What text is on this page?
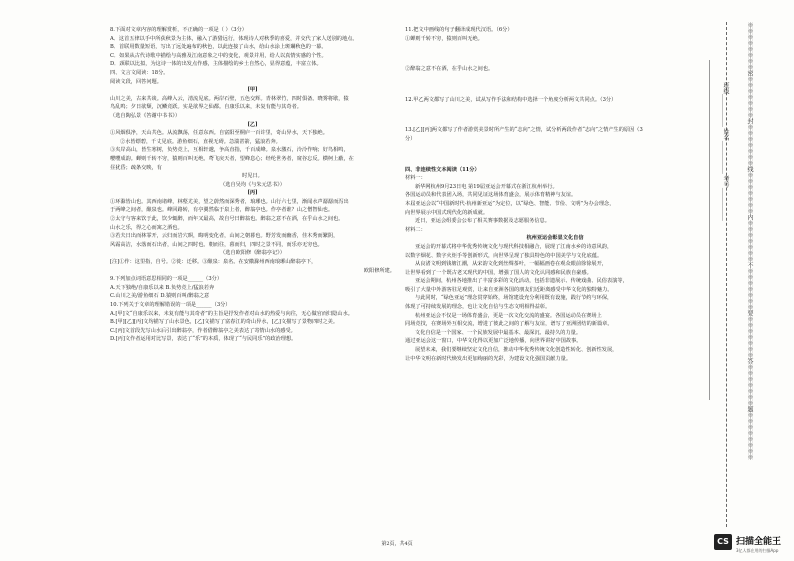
8.下面对文章内容的理解赏析，不正确的一项是（ ）（3分）
A．这首五律以手中所获秋景为主体，融入了游猎远行，体现诗人对秋季的喜爱，并交代了家人送别的地点。
B．首联用数量短语，写出了远处遍布的秋色，以此连接了山水，给山水涂上斑斓秋色的一幕。
C．如果从古代诗歌中描绘与高雅及江南意象之中的变化，观景并用，给人以真情实感的个性。
D．颈联以比拟，为这诗一体的出发点作感，主体描绘的乡土自然心，显得意蕴，丰富立体。
四、文言文阅读：18分。
阅读文段，回答问题。
[甲]
山川之美，古来共谈。高峰入云，清流见底。两岸石壁，五色交辉。青林翠竹，四时俱备。晓雾将歇，猿
鸟乱鸣；夕日欲颓，沉鳞竞跃。实是欲界之仙都。自康乐以来，未复有能与其奇者。
（选自陶弘景《答谢中书书》）
[乙]
①风烟俱净，天山共色。从流飘荡，任意东西。自富阳至桐庐一百许里，奇山异水，天下独绝。
②水皆缥碧，千丈见底。游鱼细石，直视无碍。急湍甚箭，猛浪若奔。
③夹岸高山，皆生寒树，负势竞上，互相轩邈，争高直指，千百成峰。泉水激石，泠泠作响；好鸟相鸣，
嘤嘤成韵。蝉则千转不穷，猿则百叫无绝。鸢飞戾天者，望峰息心；经纶世务者，窥谷忘反。横柯上蔽，在
昼犹昏；疏条交映，有
时见日。
（选自吴均《与朱元思书》）
[丙]
①环滁皆山也。其西南诸峰，林壑尤美，望之蔚然而深秀者，琅琊也。山行六七里，渐闻水声潺潺而泻出
于两峰之间者，酿泉也。峰回路转，有亭翼然临于泉上者，醉翁亭也。作亭者谁？山之僧智仙也。
②太守与客来饮于此，饮少辄醉，而年又最高，故自号曰醉翁也。醉翁之意不在酒，在乎山水之间也。
山水之乐，得之心而寓之酒也。
③若夫日出而林霏开，云归而岩穴暝，晦明变化者，山间之朝暮也。野芳发而幽香，佳木秀而繁阴，
风霜高洁，水落而石出者，山间之四时也。朝而往，暮而归，四时之景不同，而乐亦无穷也。
（选自欧阳修《醉翁亭记》）
[注]①作：这里指，自号。②徙：迁移。③酿泉：泉名。在安徽滁州西南琅琊山醉翁亭下，
欧阳修所建。
9.下列加点词语意思相同的一项是______（3分）
A.天下独绝/自康乐以来 B.负势竞上/猛浪若奔
C.山川之美/游鱼细石 D.猿则百叫/醉翁之意
10.下列关于文章的理解错误的一项是______（3分）
A.[甲]文“自康乐以来，未复有能与其奇者”的主旨是抒发作者对山水的热爱与向往，无心做官而归隐山水。
B.[甲][乙][丙]文均描写了山水景色，[乙]文描写了富春江的奇山异水，[乙]文描写了景物四时之美。
C.[丙]文首段先写山水后引出醉翁亭，作者借醉翁亭之美表达了寄情山水的感受。
D.[丙]文作者运用对比写景，表达了“乐”的本质，体现了“与民同乐”的政治理想。
11.把文中画线的句子翻译成现代汉语。（6分）
①蝉则千转不穷，猿则百叫无绝。
②醉翁之意不在酒，在乎山水之间也。
12.甲乙两文都写了山川之美，试从写作手法和结构中选择一个角度分析两文共同点。（3分）
13.[乙][丙]两文都写了作者游赏美景时所产生的“志向”之情，试分析两段作者“志向”之情产生的原因（3
分）
四、非连续性文本阅读（11分）
材料一：
新华网杭州9月23日电 第19届亚运会开幕式在浙江杭州举行。
各国运动员和代表团入场，共同见证这场体育盛会，展示体育精神与友谊。
本届亚运会以“中国新时代·杭州新亚运”为定位，以“绿色、智能、节俭、文明”为办会理念，
向世界展示中国式现代化的新成就。
近日，亚运会组委会公布了相关赛事数据及志愿服务信息。
材料二：
杭州亚运会彰显文化自信
亚运会的开幕式将中华优秀传统文化与现代科技相融合，展现了江南水乡的诗意风韵，
以数字烟花、数字火炬手等创新形式，向世界呈现了独具特色的中国美学与文化底蕴。
从良渚文明到钱塘江潮，从宋韵文化到丝绸茶叶，一幅幅画卷在观众眼前徐徐展开，
让世界看到了一个既古老又现代的中国，增强了国人的文化认同感和民族自豪感。
亚运会期间，杭州各地推出了丰富多彩的文化活动，包括非遗展示、传统戏曲、民俗表演等，
吸引了大量中外游客驻足观赏，让来自亚洲各国的朋友们近距离感受中华文化的独特魅力。
与此同时，“绿色亚运”理念贯穿始终，场馆建设充分利用既有设施，践行节约与环保，
体现了可持续发展的理念，也让文化自信与生态文明相得益彰。
杭州亚运会不仅是一场体育盛会，更是一次文化交流的盛宴。各国运动员在赛场上
同场竞技，在赛场外互相交流，增进了彼此之间的了解与友谊，谱写了亚洲团结的新篇章。
文化自信是一个国家、一个民族发展中最基本、最深沉、最持久的力量。
通过亚运会这一窗口，中华文化得以更加广泛地传播，向世界讲好中国故事。
展望未来，我们要继续坚定文化自信，推动中华优秀传统文化创造性转化、创新性发展，
让中华文明在新时代焕发出更加绚丽的光彩，为建设文化强国贡献力量。
第2页，共4页
班级___________ 姓名___________ 考号___________	※※※※※※※※密※※※※※※※封※※※※※※※线※※※※※※※内※※※※※※※不※※※※※※※要※※※※※※※答※※※※※※※题※※※※※※※※
CS 扫描全能王
3亿人都在用的扫描App
